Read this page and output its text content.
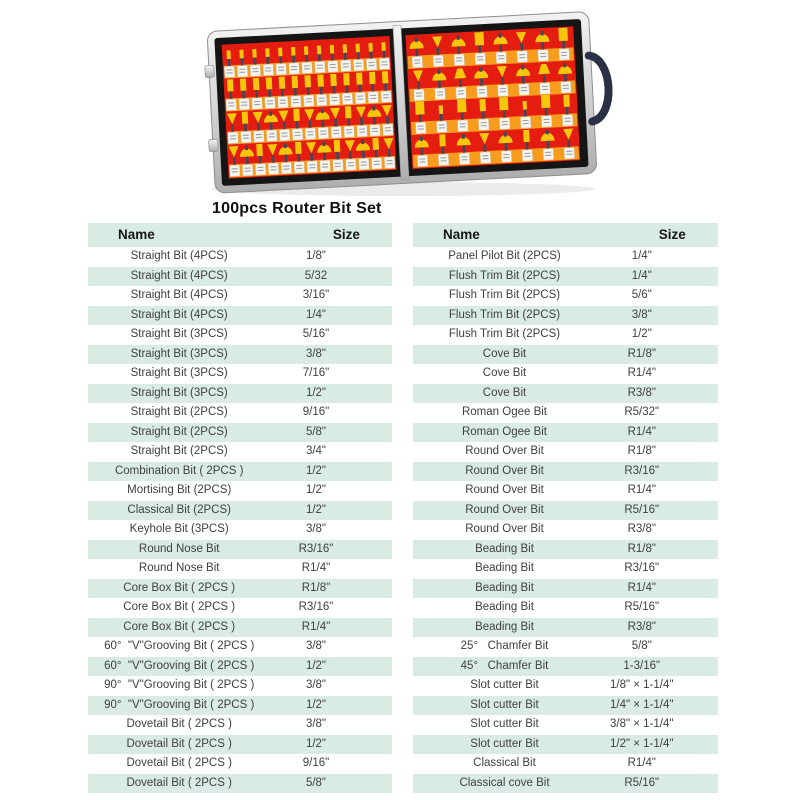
100pcs Router Bit Set
Name	Size
Straight Bit (4PCS)	1/8"
Straight Bit (4PCS)	5/32
Straight Bit (4PCS)	3/16"
Straight Bit (4PCS)	1/4"
Straight Bit (3PCS)	5/16"
Straight Bit (3PCS)	3/8"
Straight Bit (3PCS)	7/16"
Straight Bit (3PCS)	1/2"
Straight Bit (2PCS)	9/16"
Straight Bit (2PCS)	5/8"
Straight Bit (2PCS)	3/4"
Combination Bit ( 2PCS )	1/2"
Mortising Bit (2PCS)	1/2"
Classical Bit (2PCS)	1/2"
Keyhole Bit (3PCS)	3/8"
Round Nose Bit	R3/16"
Round Nose Bit	R1/4"
Core Box Bit ( 2PCS )	R1/8"
Core Box Bit ( 2PCS )	R3/16"
Core Box Bit ( 2PCS )	R1/4"
60°  "V"Grooving Bit ( 2PCS )	3/8"
60°  "V"Grooving Bit ( 2PCS )	1/2"
90°  "V"Grooving Bit ( 2PCS )	3/8"
90°  "V"Grooving Bit ( 2PCS )	1/2"
Dovetail Bit ( 2PCS )	3/8"
Dovetail Bit ( 2PCS )	1/2"
Dovetail Bit ( 2PCS )	9/16"
Dovetail Bit ( 2PCS )	5/8"
Name	Size
Panel Pilot Bit (2PCS)	1/4"
Flush Trim Bit (2PCS)	1/4"
Flush Trim Bit (2PCS)	5/6"
Flush Trim Bit (2PCS)	3/8"
Flush Trim Bit (2PCS)	1/2"
Cove Bit	R1/8"
Cove Bit	R1/4"
Cove Bit	R3/8"
Roman Ogee Bit	R5/32"
Roman Ogee Bit	R1/4"
Round Over Bit	R1/8"
Round Over Bit	R3/16"
Round Over Bit	R1/4"
Round Over Bit	R5/16"
Round Over Bit	R3/8"
Beading Bit	R1/8"
Beading Bit	R3/16"
Beading Bit	R1/4"
Beading Bit	R5/16"
Beading Bit	R3/8"
25°   Chamfer Bit	5/8"
45°   Chamfer Bit	1-3/16"
Slot cutter Bit	1/8" × 1-1/4"
Slot cutter Bit	1/4" × 1-1/4"
Slot cutter Bit	3/8" × 1-1/4"
Slot cutter Bit	1/2" × 1-1/4"
Classical Bit	R1/4"
Classical cove Bit	R5/16"
